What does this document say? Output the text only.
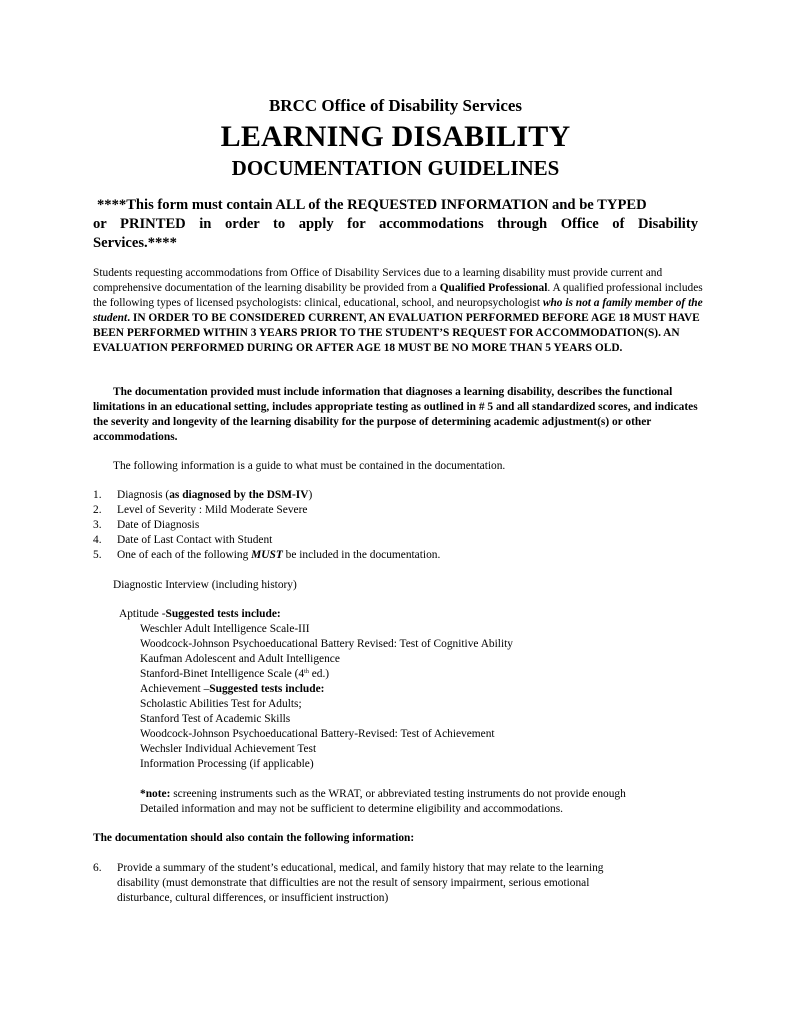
BRCC Office of Disability Services
LEARNING DISABILITY
DOCUMENTATION GUIDELINES
****This form must contain ALL of the REQUESTED INFORMATION and be TYPED
or PRINTED in order to apply for accommodations through Office of Disability
Services.****
Students requesting accommodations from Office of Disability Services due to a learning disability must provide current and comprehensive documentation of the learning disability be provided from a Qualified Professional. A qualified professional includes the following types of licensed psychologists: clinical, educational, school, and neuropsychologist who is not a family member of the student. IN ORDER TO BE CONSIDERED CURRENT, AN EVALUATION PERFORMED BEFORE AGE 18 MUST HAVE BEEN PERFORMED WITHIN 3 YEARS PRIOR TO THE STUDENT’S REQUEST FOR ACCOMMODATION(S). AN EVALUATION PERFORMED DURING OR AFTER AGE 18 MUST BE NO MORE THAN 5 YEARS OLD.
The documentation provided must include information that diagnoses a learning disability, describes the functional limitations in an educational setting, includes appropriate testing as outlined in # 5 and all standardized scores, and indicates the severity and longevity of the learning disability for the purpose of determining academic adjustment(s) or other accommodations.
The following information is a guide to what must be contained in the documentation.
1. Diagnosis (as diagnosed by the DSM-IV)
2. Level of Severity : Mild Moderate Severe
3. Date of Diagnosis
4. Date of Last Contact with Student
5. One of each of the following MUST be included in the documentation.
Diagnostic Interview (including history)
Aptitude -Suggested tests include:
Weschler Adult Intelligence Scale-III
Woodcock-Johnson Psychoeducational Battery Revised: Test of Cognitive Ability
Kaufman Adolescent and Adult Intelligence
Stanford-Binet Intelligence Scale (4th ed.)
Achievement –Suggested tests include:
Scholastic Abilities Test for Adults;
Stanford Test of Academic Skills
Woodcock-Johnson Psychoeducational Battery-Revised: Test of Achievement
Wechsler Individual Achievement Test
Information Processing (if applicable)
*note: screening instruments such as the WRAT, or abbreviated testing instruments do not provide enough
Detailed information and may not be sufficient to determine eligibility and accommodations.
The documentation should also contain the following information:
6. Provide a summary of the student’s educational, medical, and family history that may relate to the learning
disability (must demonstrate that difficulties are not the result of sensory impairment, serious emotional
disturbance, cultural differences, or insufficient instruction)
